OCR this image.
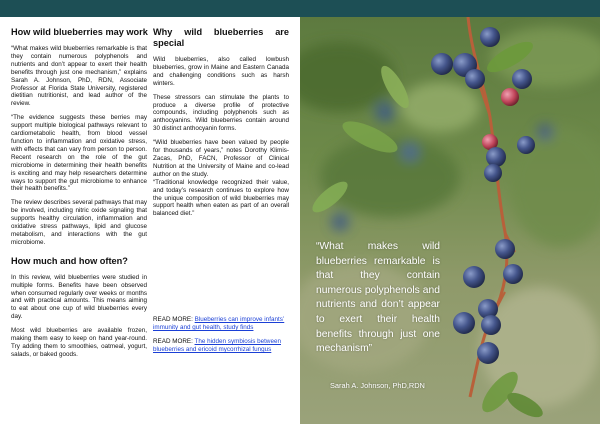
How wild blueberries may work

“What makes wild blueberries remarkable is that they contain numerous polyphenols and nutrients and don’t appear to exert their health benefits through just one mechanism,” explains Sarah A. Johnson, PhD, RDN, Associate Professor at Florida State University, registered dietitian nutritionist, and lead author of the review.

“The evidence suggests these berries may support multiple biological pathways relevant to cardiometabolic health, from blood vessel function to inflammation and oxidative stress, with effects that can vary from person to person. Recent research on the role of the gut microbiome in determining their health benefits is exciting and may help researchers determine ways to support the gut microbiome to enhance their health benefits.”

The review describes several pathways that may be involved, including nitric oxide signaling that supports healthy circulation, inflammation and oxidative stress pathways, lipid and glucose metabolism, and interactions with the gut microbiome.

How much and how often?

In this review, wild blueberries were studied in multiple forms. Benefits have been observed when consumed regularly over weeks or months and with practical amounts. This means aiming to eat about one cup of wild blueberries every day.

Most wild blueberries are available frozen, making them easy to keep on hand year-round. Try adding them to smoothies, oatmeal, yogurt, salads, or baked goods.

Why wild blueberries are special

Wild blueberries, also called lowbush blueberries, grow in Maine and Eastern Canada and challenging conditions such as harsh winters.

These stressors can stimulate the plants to produce a diverse profile of protective compounds, including polyphenols such as anthocyanins. Wild blueberries contain around 30 distinct anthocyanin forms.

“Wild blueberries have been valued by people for thousands of years,” notes Dorothy Klimis-Zacas, PhD, FACN, Professor of Clinical Nutrition at the University of Maine and co-lead author on the study.

“Traditional knowledge recognized their value, and today’s research continues to explore how the unique composition of wild blueberries may support health when eaten as part of an overall balanced diet.”

READ MORE: Blueberries can improve infants’ immunity and gut health, study finds
READ MORE: The hidden symbiosis between blueberries and ericoid mycorrhizal fungus
“What makes wild blueberries remarkable is that they contain numerous polyphenols and nutrients and don’t appear to exert their health benefits through just one mechanism”
Sarah A. Johnson, PhD,RDN
